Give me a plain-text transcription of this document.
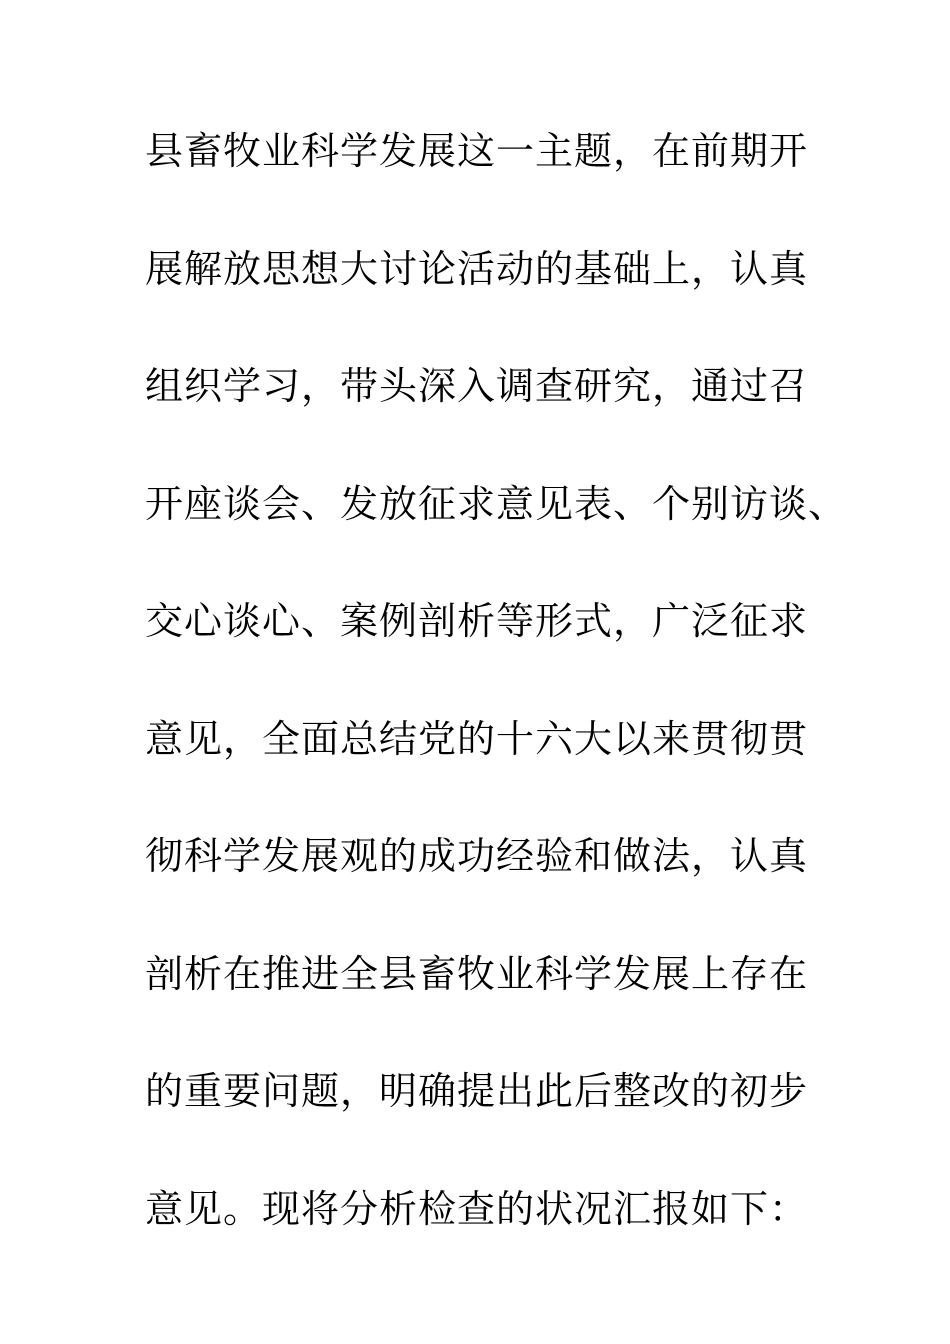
县畜牧业科学发展这一主题，在前期开
展解放思想大讨论活动的基础上，认真
组织学习，带头深入调查研究，通过召
开座谈会、发放征求意见表、个别访谈、
交心谈心、案例剖析等形式，广泛征求
意见，全面总结党的十六大以来贯彻贯
彻科学发展观的成功经验和做法，认真
剖析在推进全县畜牧业科学发展上存在
的重要问题，明确提出此后整改的初步
意见。现将分析检查的状况汇报如下：
